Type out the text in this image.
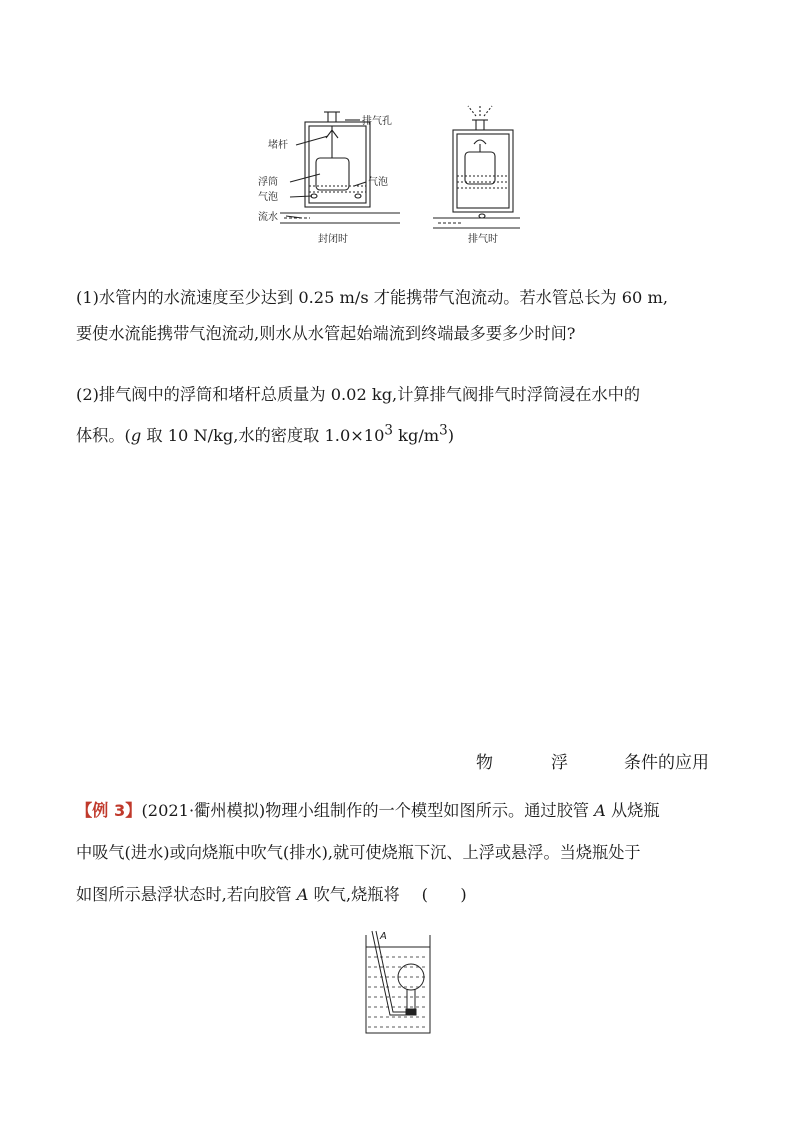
排气孔
堵杆
浮筒	气泡
气泡
流水
封闭时	排气时

(1)水管内的水流速度至少达到 0.25 m/s 才能携带气泡流动。若水管总长为 60 m,
要使水流能携带气泡流动,则水从水管起始端流到终端最多要多少时间?

(2)排气阀中的浮筒和堵杆总质量为 0.02 kg,计算排气阀排气时浮筒浸在水中的
体积。(g 取 10 N/kg,水的密度取 $1.0\times 10^3$ $kg/m^3$)

物	浮	条件的应用

【例 3】(2021·衢州模拟)物理小组制作的一个模型如图所示。通过胶管 A 从烧瓶
中吸气(进水)或向烧瓶中吹气(排水),就可使烧瓶下沉、上浮或悬浮。当烧瓶处于
如图所示悬浮状态时,若向胶管 A 吹气,烧瓶将 (　　)

A
